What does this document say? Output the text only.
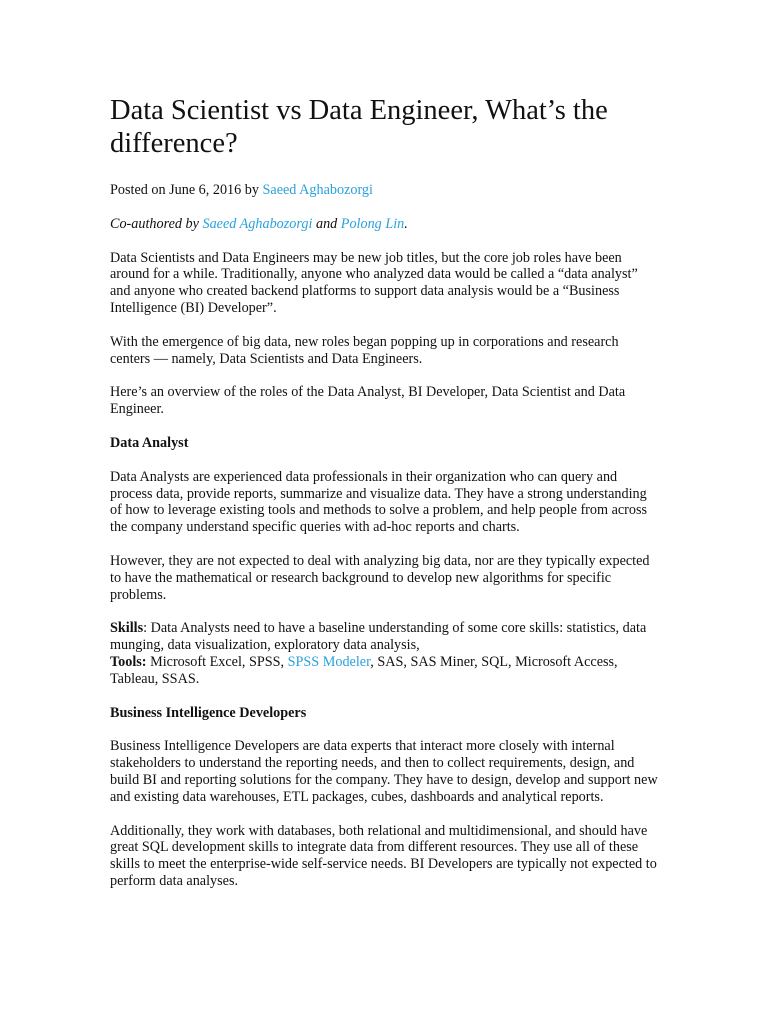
Data Scientist vs Data Engineer, What’s the difference?

Posted on June 6, 2016 by Saeed Aghabozorgi

Co-authored by Saeed Aghabozorgi and Polong Lin.

Data Scientists and Data Engineers may be new job titles, but the core job roles have been around for a while. Traditionally, anyone who analyzed data would be called a “data analyst” and anyone who created backend platforms to support data analysis would be a “Business Intelligence (BI) Developer”.

With the emergence of big data, new roles began popping up in corporations and research centers — namely, Data Scientists and Data Engineers.

Here’s an overview of the roles of the Data Analyst, BI Developer, Data Scientist and Data Engineer.

Data Analyst

Data Analysts are experienced data professionals in their organization who can query and process data, provide reports, summarize and visualize data. They have a strong understanding of how to leverage existing tools and methods to solve a problem, and help people from across the company understand specific queries with ad-hoc reports and charts.

However, they are not expected to deal with analyzing big data, nor are they typically expected to have the mathematical or research background to develop new algorithms for specific problems.

Skills: Data Analysts need to have a baseline understanding of some core skills: statistics, data munging, data visualization, exploratory data analysis,
Tools: Microsoft Excel, SPSS, SPSS Modeler, SAS, SAS Miner, SQL, Microsoft Access, Tableau, SSAS.

Business Intelligence Developers

Business Intelligence Developers are data experts that interact more closely with internal stakeholders to understand the reporting needs, and then to collect requirements, design, and build BI and reporting solutions for the company. They have to design, develop and support new and existing data warehouses, ETL packages, cubes, dashboards and analytical reports.

Additionally, they work with databases, both relational and multidimensional, and should have great SQL development skills to integrate data from different resources. They use all of these skills to meet the enterprise-wide self-service needs. BI Developers are typically not expected to perform data analyses.
